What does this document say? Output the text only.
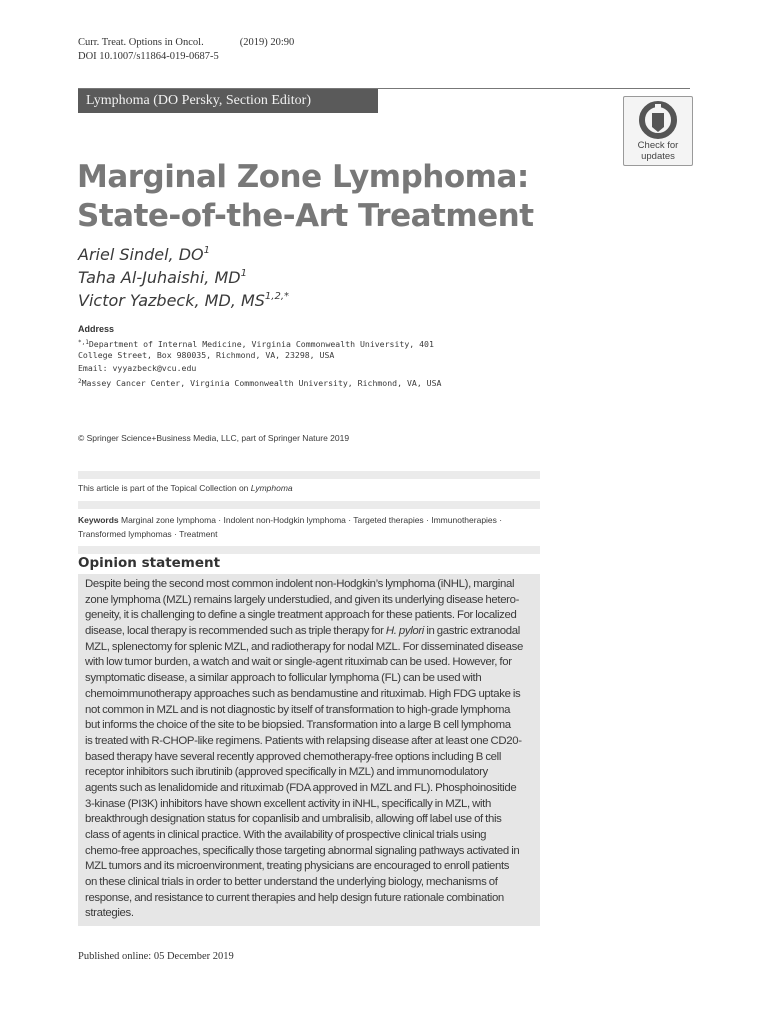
Curr. Treat. Options in Oncol.	(2019) 20:90
DOI 10.1007/s11864-019-0687-5
Lymphoma (DO Persky, Section Editor)
Check for
updates
Marginal Zone Lymphoma:
State-of-the-Art Treatment
Ariel Sindel, $DO^1$
Taha Al-Juhaishi, $MD^1$
Victor Yazbeck, MD, $MS^{1,2,*}$
Address
$^{*,1}$Department of Internal Medicine, Virginia Commonwealth University, 401
College Street, Box 980035, Richmond, VA, 23298, USA
Email: vyyazbeck@vcu.edu
$^2$Massey Cancer Center, Virginia Commonwealth University, Richmond, VA, USA
© Springer Science+Business Media, LLC, part of Springer Nature 2019
This article is part of the Topical Collection on Lymphoma
Keywords Marginal zone lymphoma · Indolent non-Hodgkin lymphoma · Targeted therapies · Immunotherapies · Transformed lymphomas · Treatment
Opinion statement
Despite being the second most common indolent non-Hodgkin’s lymphoma (iNHL), marginal
zone lymphoma (MZL) remains largely understudied, and given its underlying disease hetero-
geneity, it is challenging to define a single treatment approach for these patients. For localized
disease, local therapy is recommended such as triple therapy for H. pylori in gastric extranodal
MZL, splenectomy for splenic MZL, and radiotherapy for nodal MZL. For disseminated disease
with low tumor burden, a watch and wait or single-agent rituximab can be used. However, for
symptomatic disease, a similar approach to follicular lymphoma (FL) can be used with
chemoimmunotherapy approaches such as bendamustine and rituximab. High FDG uptake is
not common in MZL and is not diagnostic by itself of transformation to high-grade lymphoma
but informs the choice of the site to be biopsied. Transformation into a large B cell lymphoma
is treated with R-CHOP-like regimens. Patients with relapsing disease after at least one CD20-
based therapy have several recently approved chemotherapy-free options including B cell
receptor inhibitors such ibrutinib (approved specifically in MZL) and immunomodulatory
agents such as lenalidomide and rituximab (FDA approved in MZL and FL). Phosphoinositide
3-kinase (PI3K) inhibitors have shown excellent activity in iNHL, specifically in MZL, with
breakthrough designation status for copanlisib and umbralisib, allowing off label use of this
class of agents in clinical practice. With the availability of prospective clinical trials using
chemo-free approaches, specifically those targeting abnormal signaling pathways activated in
MZL tumors and its microenvironment, treating physicians are encouraged to enroll patients
on these clinical trials in order to better understand the underlying biology, mechanisms of
response, and resistance to current therapies and help design future rationale combination
strategies.
Published online: 05 December 2019
